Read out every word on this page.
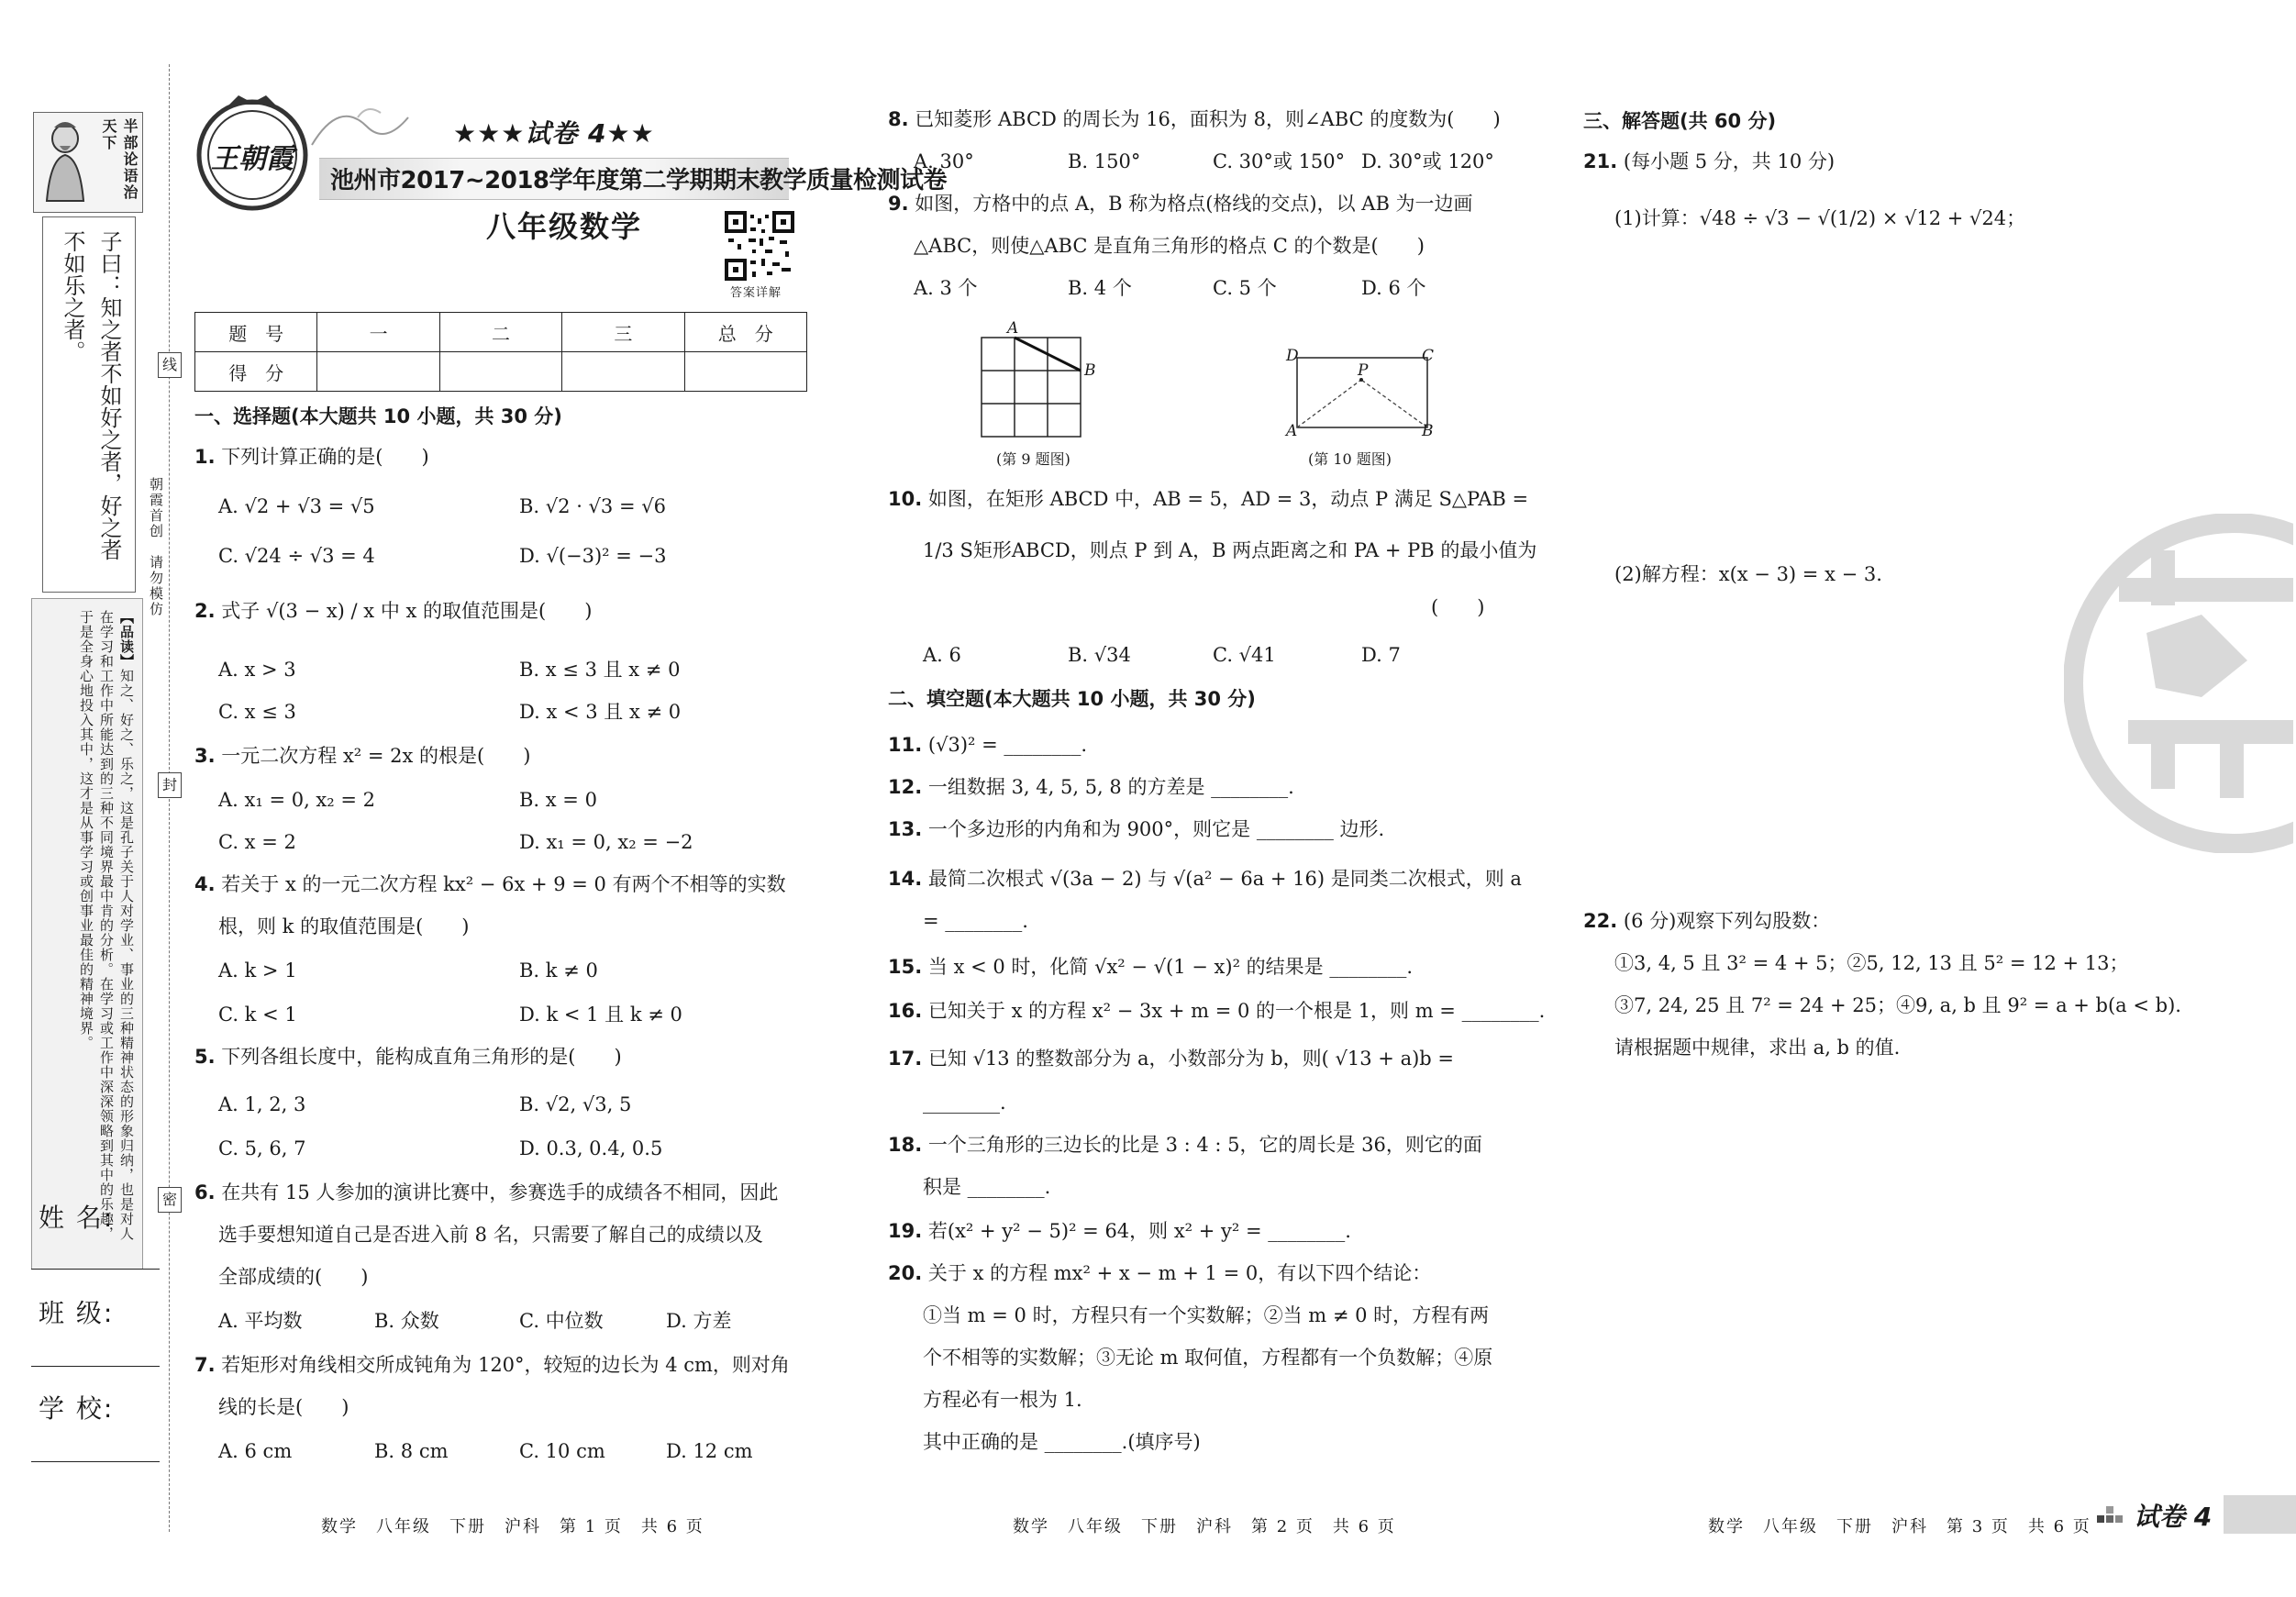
半部论语治天下
子曰：知之者不如好之者，好之者不如乐之者。
【品读】知之、好之、乐之，这是孔子关于人对学业、事业的三种精神状态的形象归纳，也是对人在学习和工作中所能达到的三种不同境界最中肯的分析。在学习或工作中深深领略到其中的乐趣，于是全身心地投入其中，这才是从事学习或创事业最佳的精神境界。
姓 名:
班 级:
学 校:
线
封
密
朝霞首创　请勿模仿
王朝霞
★★★试卷 4★★
池州市2017~2018学年度第二学期期末教学质量检测试卷
八年级数学
答案详解
题　号	一	二	三	总　分
得　分				
一、选择题(本大题共 10 小题，共 30 分)
1. 下列计算正确的是(　　)
A. √2 + √3 = √5	B. √2 · √3 = √6
C. √24 ÷ √3 = 4	D. √(−3)² = −3
2. 式子 √(3 − x) / x 中 x 的取值范围是(　　)
A. x > 3	B. x ≤ 3 且 x ≠ 0
C. x ≤ 3	D. x < 3 且 x ≠ 0
3. 一元二次方程 x² = 2x 的根是(　　)
A. x₁ = 0, x₂ = 2	B. x = 0
C. x = 2	D. x₁ = 0, x₂ = −2
4. 若关于 x 的一元二次方程 kx² − 6x + 9 = 0 有两个不相等的实数
根，则 k 的取值范围是(　　)
A. k > 1	B. k ≠ 0
C. k < 1	D. k < 1 且 k ≠ 0
5. 下列各组长度中，能构成直角三角形的是(　　)
A. 1, 2, 3	B. √2, √3, 5
C. 5, 6, 7	D. 0.3, 0.4, 0.5
6. 在共有 15 人参加的演讲比赛中，参赛选手的成绩各不相同，因此
选手要想知道自己是否进入前 8 名，只需要了解自己的成绩以及
全部成绩的(　　)
A. 平均数	B. 众数	C. 中位数	D. 方差
7. 若矩形对角线相交所成钝角为 120°，较短的边长为 4 cm，则对角
线的长是(　　)
A. 6 cm	B. 8 cm	C. 10 cm	D. 12 cm
数学　八年级　下册　沪科　第 1 页　共 6 页
8. 已知菱形 ABCD 的周长为 16，面积为 8，则∠ABC 的度数为(　　)
A. 30°	B. 150°	C. 30°或 150° D. 30°或 120°
9. 如图，方格中的点 A，B 称为格点(格线的交点)，以 AB 为一边画
△ABC，则使△ABC 是直角三角形的格点 C 的个数是(　　)
A. 3 个	B. 4 个	C. 5 个	D. 6 个
A
B
(第 9 题图)
D	C
P
A	B
(第 10 题图)
10. 如图，在矩形 ABCD 中，AB = 5，AD = 3，动点 P 满足 S△PAB =
1/3 S矩形ABCD，则点 P 到 A，B 两点距离之和 PA + PB 的最小值为
(　　)
A. 6	B. √34	C. √41	D. 7
二、填空题(本大题共 10 小题，共 30 分)
11. (√3)² = ________.
12. 一组数据 3, 4, 5, 5, 8 的方差是 ________.
13. 一个多边形的内角和为 900°，则它是 ________ 边形.
14. 最简二次根式 √(3a − 2) 与 √(a² − 6a + 16) 是同类二次根式，则 a
= ________.
15. 当 x < 0 时，化简 √x² − √(1 − x)² 的结果是 ________.
16. 已知关于 x 的方程 x² − 3x + m = 0 的一个根是 1，则 m = ________.
17. 已知 √13 的整数部分为 a，小数部分为 b，则( √13 + a)b =
________.
18. 一个三角形的三边长的比是 3 : 4 : 5，它的周长是 36，则它的面
积是 ________.
19. 若(x² + y² − 5)² = 64，则 x² + y² = ________.
20. 关于 x 的方程 mx² + x − m + 1 = 0，有以下四个结论：
①当 m = 0 时，方程只有一个实数解；②当 m ≠ 0 时，方程有两
个不相等的实数解；③无论 m 取何值，方程都有一个负数解；④原
方程必有一根为 1.
其中正确的是 ________.(填序号)
数学　八年级　下册　沪科　第 2 页　共 6 页
三、解答题(共 60 分)
21. (每小题 5 分，共 10 分)
(1)计算：√48 ÷ √3 − √(1/2) × √12 + √24；
(2)解方程：x(x − 3) = x − 3.
22. (6 分)观察下列勾股数：
①3, 4, 5 且 3² = 4 + 5；②5, 12, 13 且 5² = 12 + 13；
③7, 24, 25 且 7² = 24 + 25；④9, a, b 且 9² = a + b(a < b).
请根据题中规律，求出 a, b 的值.
数学　八年级　下册　沪科　第 3 页　共 6 页 试卷 4
